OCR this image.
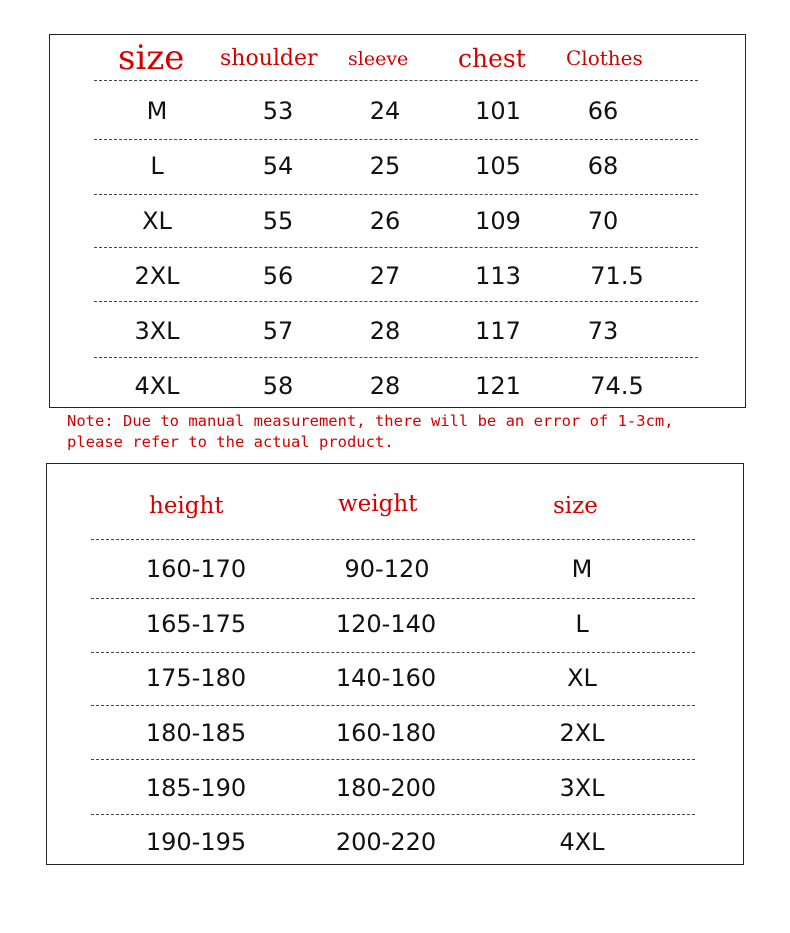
size shoulder sleeve chest Clothes
M	53	24	101	66
L	54	25	105	68
XL	55	26	109	70
2XL	56	27	113	71.5
3XL	57	28	117	73
4XL	58	28	121	74.5
Note: Due to manual measurement, there will be an error of 1-3cm,
please refer to the actual product.
height	weight	size
160-170	90-120	M
165-175	120-140	L
175-180	140-160	XL
180-185	160-180	2XL
185-190	180-200	3XL
190-195	200-220	4XL
